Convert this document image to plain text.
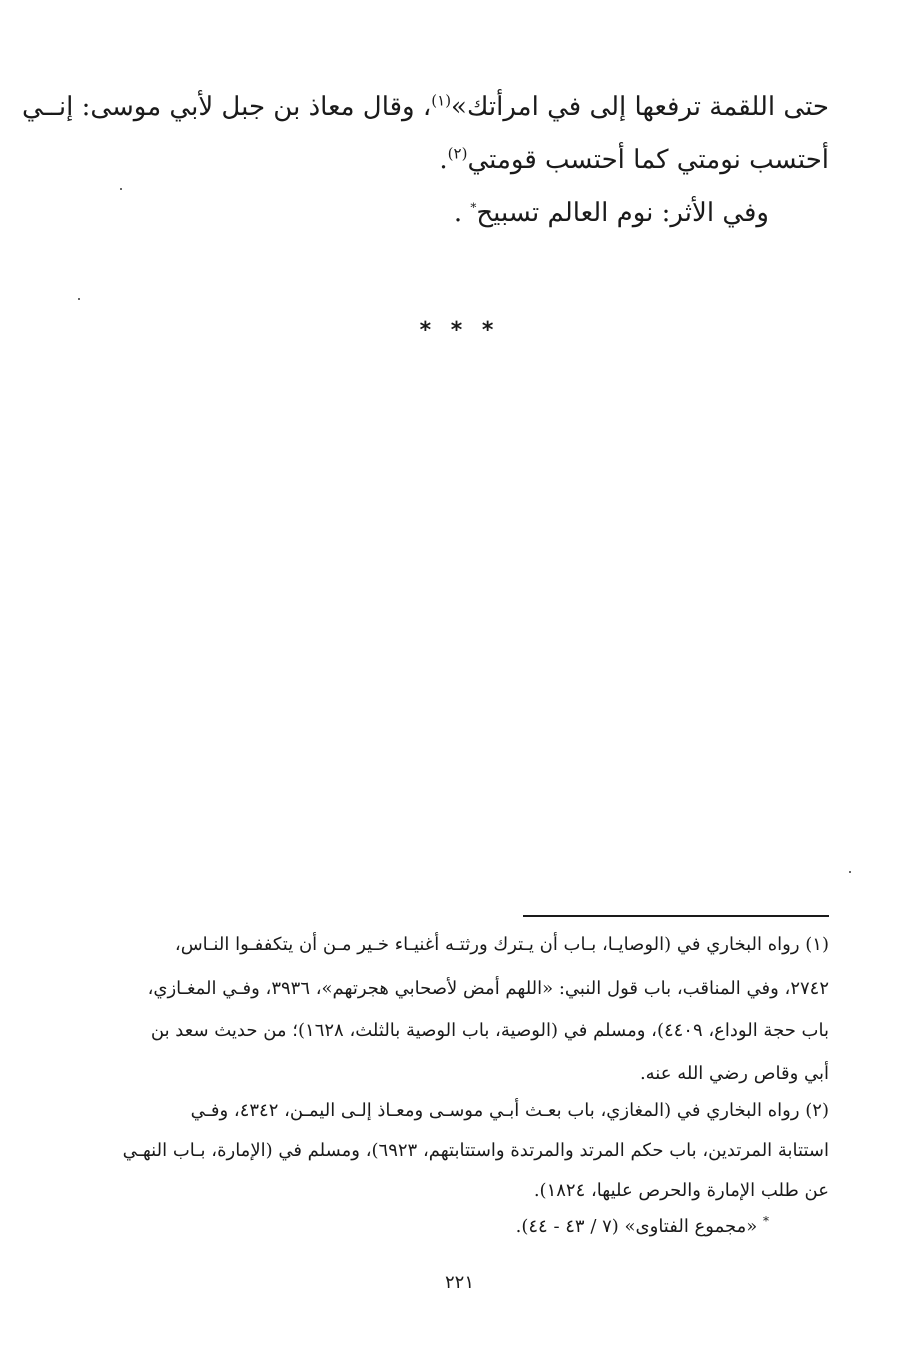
حتى اللقمة ترفعها إلى في امرأتك»$^{(١)}$، وقال معاذ بن جبل لأبي موسى: إنــي
أحتسب نومتي كما أحتسب قومتي$^{(٢)}$.
وفي الأثر: نوم العالم تسبيح* .
* * *
(١) رواه البخاري في (الوصايـا، بـاب أن يـترك ورثتـه أغنيـاء خـير مـن أن يتكففـوا النـاس،
٢٧٤٢، وفي المناقب، باب قول النبي: «اللهم أمض لأصحابي هجرتهم»، ٣٩٣٦، وفـي المغـازي،
باب حجة الوداع، ٤٤٠٩)، ومسلم في (الوصية، باب الوصية بالثلث، ١٦٢٨)؛ من حديث سعد بن
أبي وقاص رضي الله عنه.
(٢) رواه البخاري في (المغازي، باب بعـث أبـي موسـى ومعـاذ إلـى اليمـن، ٤٣٤٢، وفـي
استتابة المرتدين، باب حكم المرتد والمرتدة واستتابتهم، ٦٩٢٣)، ومسلم في (الإمارة، بـاب النهـي
عن طلب الإمارة والحرص عليها، ١٨٢٤).
* «مجموع الفتاوى» (٧ / ٤٣ - ٤٤).
٢٢١
